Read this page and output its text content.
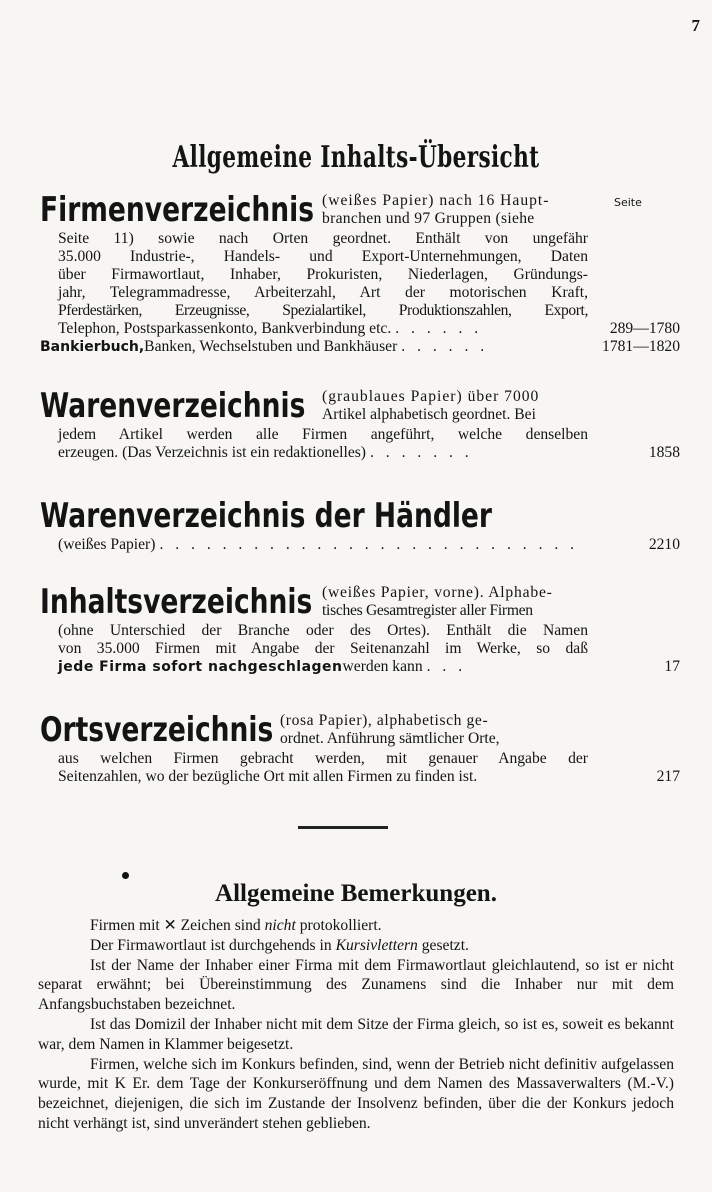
7
Allgemeine Inhalts-Übersicht
Seite
Firmenverzeichnis (weißes Papier) nach 16 Haupt-
branchen und 97 Gruppen (siehe
Seite 11) sowie nach Orten geordnet. Enthält von ungefähr
35.000 Industrie-, Handels- und Export-Unternehmungen, Daten
über Firmawortlaut, Inhaber, Prokuristen, Niederlagen, Gründungs-
jahr, Telegrammadresse, Arbeiterzahl, Art der motorischen Kraft,
Pferdestärken, Erzeugnisse, Spezialartikel, Produktionszahlen, Export,
Telephon, Postsparkassenkonto, Bankverbindung etc. . . . . . .	289—1780
Bankierbuch, Banken, Wechselstuben und Bankhäuser . . . . . .	1781—1820
Warenverzeichnis (graublaues Papier) über 7000
Artikel alphabetisch geordnet. Bei
jedem Artikel werden alle Firmen angeführt, welche denselben
erzeugen. (Das Verzeichnis ist ein redaktionelles) . . . . . . .	1858
Warenverzeichnis der Händler
(weißes Papier) . . . . . . . . . . . . . . . . . . . . . . . . . . .	2210
Inhaltsverzeichnis (weißes Papier, vorne). Alphabe-
tisches Gesamtregister aller Firmen
(ohne Unterschied der Branche oder des Ortes). Enthält die Namen
von 35.000 Firmen mit Angabe der Seitenanzahl im Werke, so daß
jede Firma sofort nachgeschlagen werden kann . . .	17
Ortsverzeichnis (rosa Papier), alphabetisch ge-
ordnet. Anführung sämtlicher Orte,
aus welchen Firmen gebracht werden, mit genauer Angabe der
Seitenzahlen, wo der bezügliche Ort mit allen Firmen zu finden ist.	217
Allgemeine Bemerkungen.
Firmen mit ✕ Zeichen sind nicht protokolliert.
Der Firmawortlaut ist durchgehends in Kursivlettern gesetzt.
Ist der Name der Inhaber einer Firma mit dem Firmawortlaut gleichlautend, so ist er nicht separat erwähnt; bei Übereinstimmung des Zunamens sind die Inhaber nur mit dem Anfangsbuchstaben bezeichnet.
Ist das Domizil der Inhaber nicht mit dem Sitze der Firma gleich, so ist es, soweit es bekannt war, dem Namen in Klammer beigesetzt.
Firmen, welche sich im Konkurs befinden, sind, wenn der Betrieb nicht definitiv aufgelassen wurde, mit K Er. dem Tage der Konkurseröffnung und dem Namen des Massaverwalters (M.-V.) bezeichnet, diejenigen, die sich im Zustande der Insolvenz befinden, über die der Konkurs jedoch nicht verhängt ist, sind unverändert stehen geblieben.
